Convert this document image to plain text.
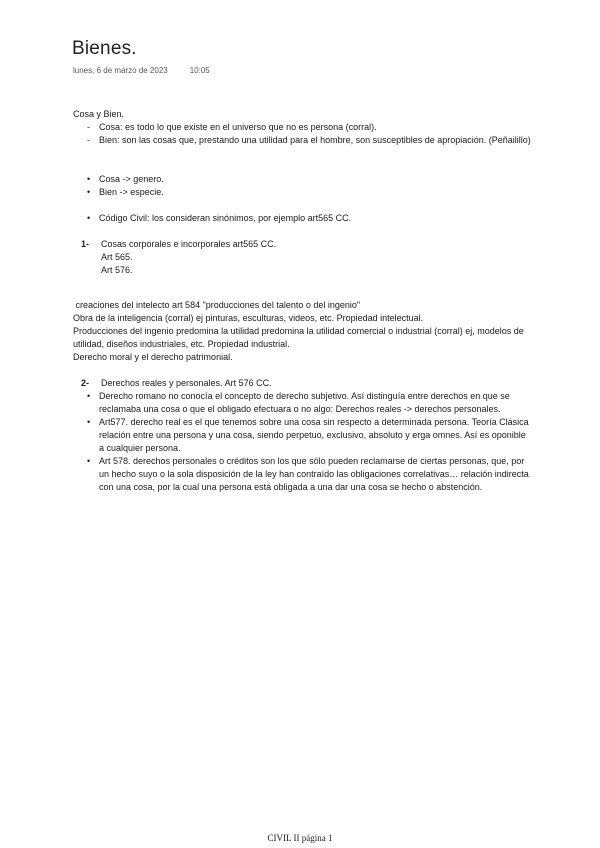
Bienes.
lunes, 6 de marzo de 2023	10:05
Cosa y Bien.
-	Cosa: es todo lo que existe en el universo que no es persona (corral).
-	Bien: son las cosas que, prestando una utilidad para el hombre, son susceptibles de apropiación. (Peñailillo)
• Cosa -> genero.
• Bien -> especie.
• Código Civil: los consideran sinónimos, por ejemplo art565 CC.
1-	Cosas corporales e incorporales art565 CC.
Art 565.
Art 576.
creaciones del intelecto art 584 "producciones del talento o del ingenio"
Obra de la inteligencia (corral) ej pinturas, esculturas, videos, etc. Propiedad intelectual.
Producciones del ingenio predomina la utilidad predomina la utilidad comercial o industrial (corral) ej, modelos de utilidad, diseños industriales, etc. Propiedad industrial.
Derecho moral y el derecho patrimonial.
2-	Derechos reales y personales. Art 576 CC.
• Derecho romano no conocía el concepto de derecho subjetivo. Así distinguía entre derechos en que se reclamaba una cosa o que el obligado efectuara o no algo: Derechos reales -> derechos personales.
• Art577. derecho real es el que tenemos sobre una cosa sin respecto a determinada persona. Teoría Clásica relación entre una persona y una cosa, siendo perpetuo, exclusivo, absoluto y erga omnes. Así es oponible a cualquier persona.
• Art 578. derechos personales o créditos son los que sólo pueden reclamarse de ciertas personas, que, por un hecho suyo o la sola disposición de la ley han contraído las obligaciones correlativas… relación indirecta con una cosa, por la cual una persona está obligada a una dar una cosa se hecho o abstención.
CIVIL II página 1
